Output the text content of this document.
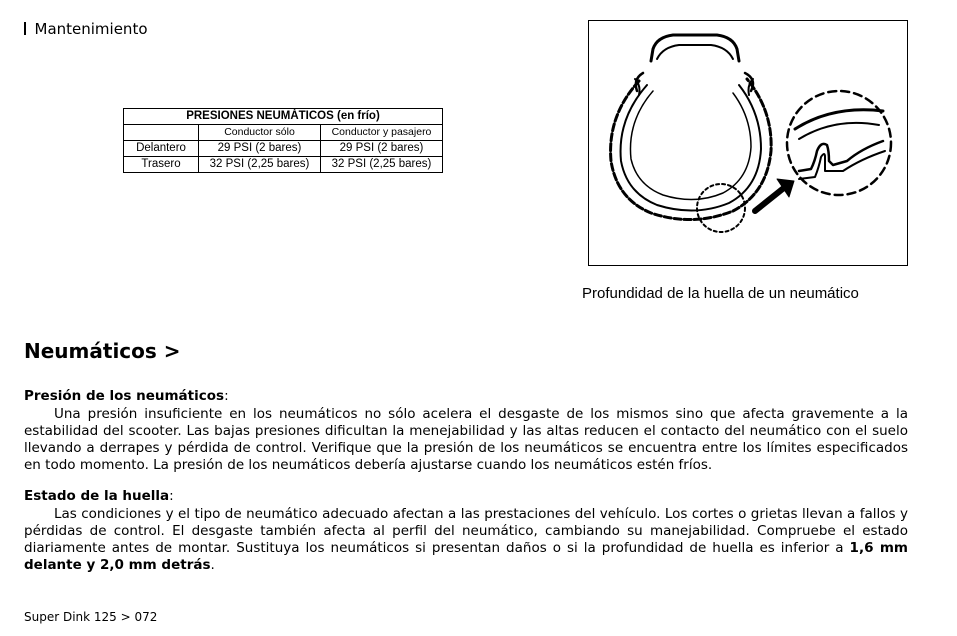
Mantenimiento
PRESIONES NEUMÁTICOS (en frío)		
	Conductor sólo	Conductor y pasajero
Delantero	29 PSI (2 bares)	29 PSI (2 bares)
Trasero	32 PSI (2,25 bares)	32 PSI (2,25 bares)
Profundidad de la huella de un neumático
Neumáticos >

Presión de los neumáticos:

Una presión insuficiente en los neumáticos no sólo acelera el desgaste de los mismos sino que afecta gravemente a la estabilidad del scooter. Las bajas presiones dificultan la menejabilidad y las altas reducen el contacto del neumático con el suelo llevando a derrapes y pérdida de control. Verifique que la presión de los neumáticos se encuentra entre los límites especificados en todo momento. La presión de los neumáticos debería ajustarse cuando los neumáticos estén fríos.

Estado de la huella:

Las condiciones y el tipo de neumático adecuado afectan a las prestaciones del vehículo. Los cortes o grietas llevan a fallos y pérdidas de control. El desgaste también afecta al perfil del neumático, cambiando su manejabilidad. Compruebe el estado diariamente antes de montar. Sustituya los neumáticos si presentan daños o si la profundidad de huella es inferior a 1,6 mm delante y 2,0 mm detrás.

Super Dink 125 > 072
